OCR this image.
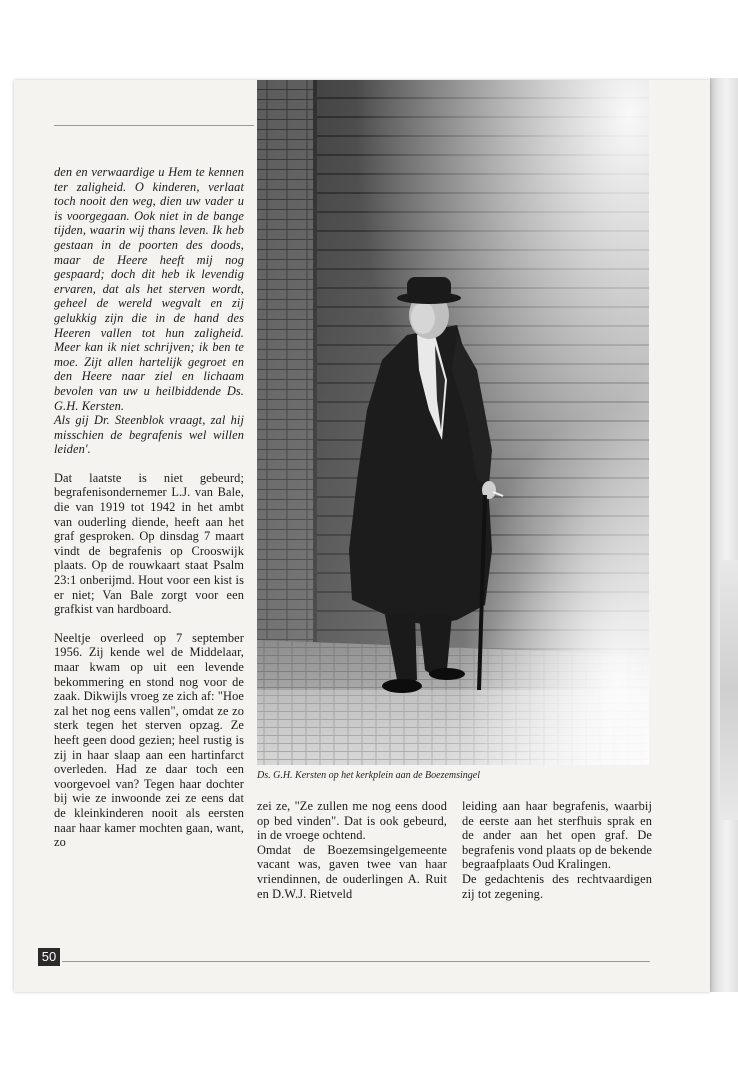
den en verwaardige u Hem te kennen ter zaligheid. O kinderen, verlaat toch nooit den weg, dien uw vader u is voorgegaan. Ook niet in de bange tijden, waarin wij thans leven. Ik heb gestaan in de poorten des doods, maar de Heere heeft mij nog gespaard; doch dit heb ik levendig ervaren, dat als het sterven wordt, geheel de wereld wegvalt en zij gelukkig zijn die in de hand des Heeren vallen tot hun zaligheid. Meer kan ik niet schrijven; ik ben te moe. Zijt allen hartelijk gegroet en den Heere naar ziel en lichaam bevolen van uw u heilbiddende Ds. G.H. Kersten.

Als gij Dr. Steenblok vraagt, zal hij misschien de begrafenis wel willen leiden'.

Dat laatste is niet gebeurd; begrafenisondernemer L.J. van Bale, die van 1919 tot 1942 in het ambt van ouderling diende, heeft aan het graf gesproken. Op dinsdag 7 maart vindt de begrafenis op Crooswijk plaats. Op de rouwkaart staat Psalm 23:1 onberijmd. Hout voor een kist is er niet; Van Bale zorgt voor een grafkist van hardboard.

Neeltje overleed op 7 september 1956. Zij kende wel de Middelaar, maar kwam op uit een levende bekommering en stond nog voor de zaak. Dikwijls vroeg ze zich af: "Hoe zal het nog eens vallen", omdat ze zo sterk tegen het sterven opzag. Ze heeft geen dood gezien; heel rustig is zij in haar slaap aan een hartinfarct overleden. Had ze daar toch een voorgevoel van? Tegen haar dochter bij wie ze inwoonde zei ze eens dat de kleinkinderen nooit als eersten naar haar kamer mochten gaan, want, zo

Ds. G.H. Kersten op het kerkplein aan de Boezemsingel

zei ze, "Ze zullen me nog eens dood op bed vinden". Dat is ook gebeurd, in de vroege ochtend.

Omdat de Boezemsingelgemeente vacant was, gaven twee van haar vriendinnen, de ouderlingen A. Ruit en D.W.J. Rietveld

leiding aan haar begrafenis, waarbij de eerste aan het sterfhuis sprak en de ander aan het open graf. De begrafenis vond plaats op de bekende begraafplaats Oud Kralingen.

De gedachtenis des rechtvaardigen zij tot zegening.

50
